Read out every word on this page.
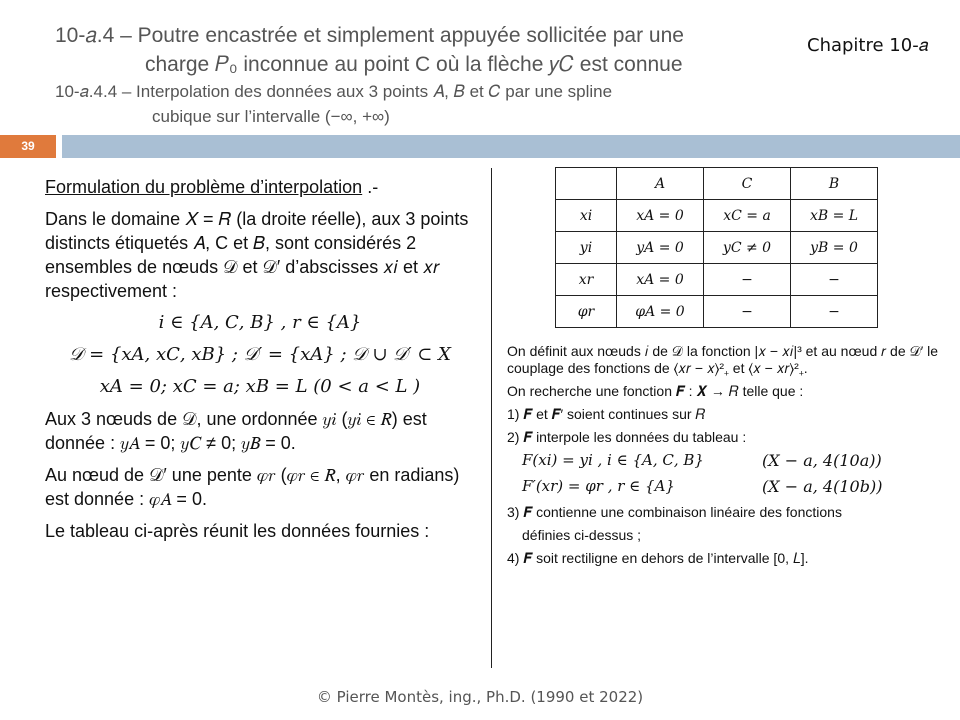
10-𝑎.4 – Poutre encastrée et simplement appuyée sollicitée par une
charge 𝑃₀ inconnue au point C où la flèche 𝑦𝐶 est connue
10-𝑎.4.4 – Interpolation des données aux 3 points 𝐴, 𝐵 et 𝐶 par une spline
cubique sur l’intervalle (−∞, +∞)
Chapitre 10-𝑎
39

Formulation du problème d’interpolation .-

Dans le domaine 𝑋 = 𝑅 (la droite réelle), aux 3 points distincts étiquetés 𝐴, C et 𝐵, sont considérés 2 ensembles de nœuds 𝒟 et 𝒟′ d’abscisses 𝑥𝑖 et 𝑥𝑟 respectivement :

𝑖 ∈ {𝐴, 𝐶, 𝐵} , 𝑟 ∈ {𝐴}

𝒟 = {𝑥𝐴, 𝑥𝐶, 𝑥𝐵} ; 𝒟′ = {𝑥𝐴} ; 𝒟 ∪ 𝒟′ ⊂ 𝑋

𝑥𝐴 = 0; 𝑥𝐶 = 𝑎; 𝑥𝐵 = 𝐿 (0 < 𝑎 < 𝐿 )

Aux 3 nœuds de 𝒟, une ordonnée 𝑦𝑖 (𝑦𝑖 ∈ 𝑅) est donnée : 𝑦𝐴 = 0; 𝑦𝐶 ≠ 0; 𝑦𝐵 = 0.

Au nœud de 𝒟′ une pente 𝜑𝑟 (𝜑𝑟 ∈ 𝑅, 𝜑𝑟 en radians) est donnée : 𝜑𝐴 = 0.

Le tableau ci-après réunit les données fournies :

	𝐴	𝐶	𝐵
𝑥𝑖	𝑥𝐴 = 0	𝑥𝐶 = 𝑎	𝑥𝐵 = 𝐿
𝑦𝑖	𝑦𝐴 = 0	𝑦𝐶 ≠ 0	𝑦𝐵 = 0
𝑥𝑟	𝑥𝐴 = 0	−	−
𝜑𝑟	𝜑𝐴 = 0	−	−

On définit aux nœuds 𝑖 de 𝒟 la fonction |𝑥 − 𝑥𝑖|³ et au nœud 𝑟 de 𝒟′ le couplage des fonctions de ⟨𝑥𝑟 − 𝑥⟩²₊ et ⟨𝑥 − 𝑥𝑟⟩²₊.

On recherche une fonction 𝑭 : 𝑿 → 𝑅 telle que :

1) 𝑭 et 𝑭′ soient continues sur 𝑅

2) 𝑭 interpole les données du tableau :

𝐹(𝑥𝑖) = 𝑦𝑖 , 𝑖 ∈ {𝐴, 𝐶, 𝐵}	(𝑋 − 𝑎, 4(10𝑎))
𝐹′(𝑥𝑟) = 𝜑𝑟 , 𝑟 ∈ {𝐴}	(𝑋 − 𝑎, 4(10𝑏))

3) 𝑭 contienne une combinaison linéaire des fonctions

définies ci-dessus ;

4) 𝑭 soit rectiligne en dehors de l’intervalle [0, 𝐿].

© Pierre Montès, ing., Ph.D. (1990 et 2022)
